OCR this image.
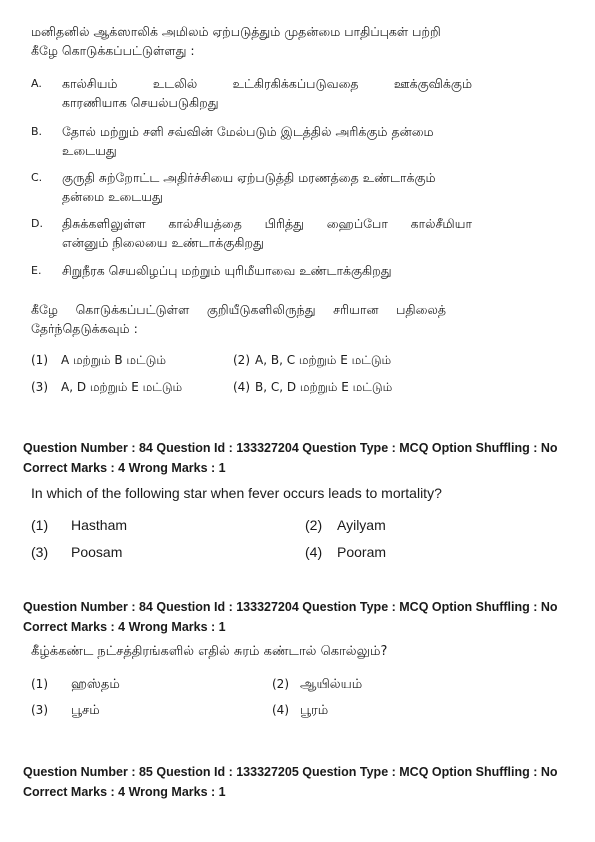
மனிதனில் ஆக்ஸாலிக் அமிலம் ஏற்படுத்தும் முதன்மை பாதிப்புகள் பற்றி
கீழே கொடுக்கப்பட்டுள்ளது :
A. கால்சியம் உடலில் உட்கிரகிக்கப்படுவதை ஊக்குவிக்கும்
காரணியாக செயல்படுகிறது
B. தோல் மற்றும் சளி சவ்வின் மேல்படும் இடத்தில் அரிக்கும் தன்மை
உடையது
C. குருதி சுற்றோட்ட அதிர்ச்சியை ஏற்படுத்தி மரணத்தை உண்டாக்கும்
தன்மை உடையது
D. திசுக்களிலுள்ள கால்சியத்தை பிரித்து ஹைப்போ கால்சீமியா
என்னும் நிலையை உண்டாக்குகிறது
E. சிறுநீரக செயலிழப்பு மற்றும் யுரிமீயாவை உண்டாக்குகிறது
கீழே கொடுக்கப்பட்டுள்ள குறியீடுகளிலிருந்து சரியான பதிலைத்
தேர்ந்தெடுக்கவும் :
(1) A மற்றும் B மட்டும்	(2) A, B, C மற்றும் E மட்டும்
(3) A, D மற்றும் E மட்டும்	(4) B, C, D மற்றும் E மட்டும்
Question Number : 84 Question Id : 133327204 Question Type : MCQ Option Shuffling : No
Correct Marks : 4 Wrong Marks : 1
In which of the following star when fever occurs leads to mortality?
(1) Hastham	(2) Ayilyam
(3) Poosam	(4) Pooram
Question Number : 84 Question Id : 133327204 Question Type : MCQ Option Shuffling : No
Correct Marks : 4 Wrong Marks : 1
கீழ்க்கண்ட நட்சத்திரங்களில் எதில் சுரம் கண்டால் கொல்லும்?
(1) ஹஸ்தம்	(2) ஆயில்யம்
(3) பூசம்	(4) பூரம்
Question Number : 85 Question Id : 133327205 Question Type : MCQ Option Shuffling : No
Correct Marks : 4 Wrong Marks : 1
